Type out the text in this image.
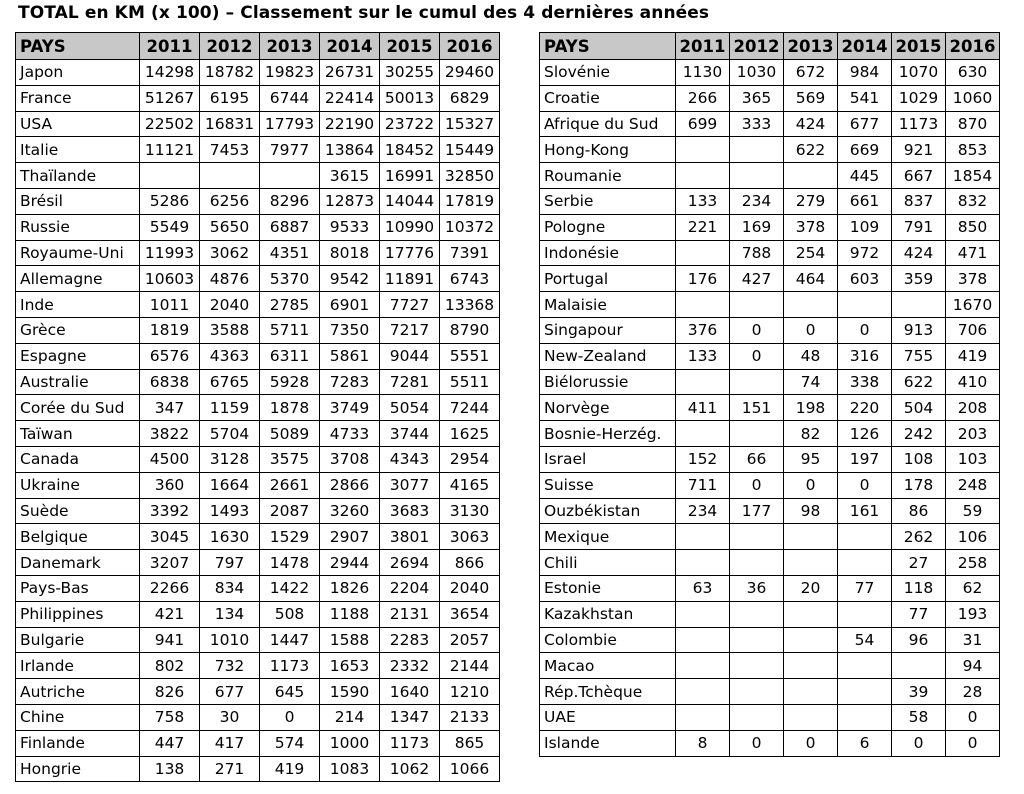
TOTAL en KM (x 100) – Classement sur le cumul des 4 dernières années
PAYS	2011	2012	2013	2014	2015	2016
Japon	14298	18782	19823	26731	30255	29460
France	51267	6195	6744	22414	50013	6829
USA	22502	16831	17793	22190	23722	15327
Italie	11121	7453	7977	13864	18452	15449
Thaïlande				3615	16991	32850
Brésil	5286	6256	8296	12873	14044	17819
Russie	5549	5650	6887	9533	10990	10372
Royaume-Uni	11993	3062	4351	8018	17776	7391
Allemagne	10603	4876	5370	9542	11891	6743
Inde	1011	2040	2785	6901	7727	13368
Grèce	1819	3588	5711	7350	7217	8790
Espagne	6576	4363	6311	5861	9044	5551
Australie	6838	6765	5928	7283	7281	5511
Corée du Sud	347	1159	1878	3749	5054	7244
Taïwan	3822	5704	5089	4733	3744	1625
Canada	4500	3128	3575	3708	4343	2954
Ukraine	360	1664	2661	2866	3077	4165
Suède	3392	1493	2087	3260	3683	3130
Belgique	3045	1630	1529	2907	3801	3063
Danemark	3207	797	1478	2944	2694	866
Pays-Bas	2266	834	1422	1826	2204	2040
Philippines	421	134	508	1188	2131	3654
Bulgarie	941	1010	1447	1588	2283	2057
Irlande	802	732	1173	1653	2332	2144
Autriche	826	677	645	1590	1640	1210
Chine	758	30	0	214	1347	2133
Finlande	447	417	574	1000	1173	865
Hongrie	138	271	419	1083	1062	1066
PAYS	2011	2012	2013	2014	2015	2016
Slovénie	1130	1030	672	984	1070	630
Croatie	266	365	569	541	1029	1060
Afrique du Sud	699	333	424	677	1173	870
Hong-Kong			622	669	921	853
Roumanie				445	667	1854
Serbie	133	234	279	661	837	832
Pologne	221	169	378	109	791	850
Indonésie		788	254	972	424	471
Portugal	176	427	464	603	359	378
Malaisie						1670
Singapour	376	0	0	0	913	706
New-Zealand	133	0	48	316	755	419
Biélorussie			74	338	622	410
Norvège	411	151	198	220	504	208
Bosnie-Herzég.			82	126	242	203
Israel	152	66	95	197	108	103
Suisse	711	0	0	0	178	248
Ouzbékistan	234	177	98	161	86	59
Mexique					262	106
Chili					27	258
Estonie	63	36	20	77	118	62
Kazakhstan					77	193
Colombie				54	96	31
Macao						94
Rép.Tchèque					39	28
UAE					58	0
Islande	8	0	0	6	0	0
